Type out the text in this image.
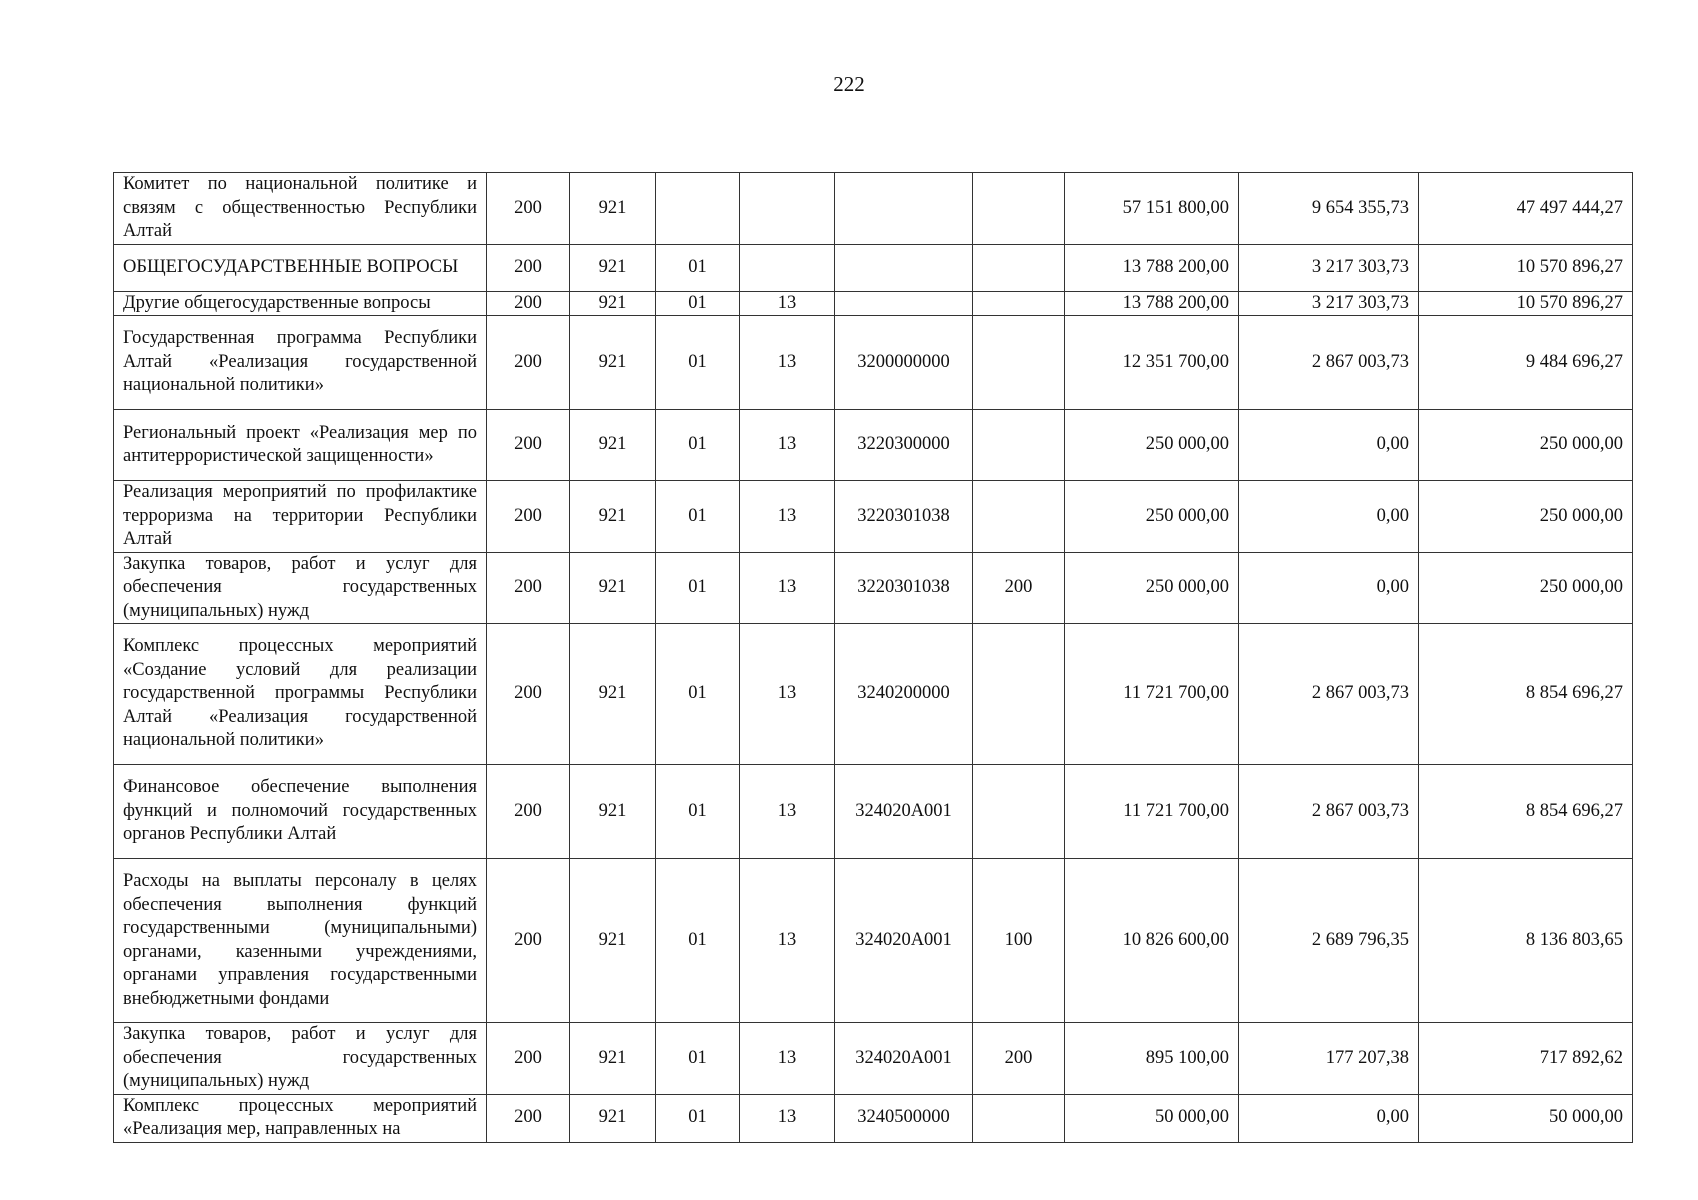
222
Комитет по национальной политике и связям с общественностью Республики Алтай	200	921					57 151 800,00	9 654 355,73	47 497 444,27
ОБЩЕГОСУДАРСТВЕННЫЕ ВОПРОСЫ	200	921	01				13 788 200,00	3 217 303,73	10 570 896,27
Другие общегосударственные вопросы	200	921	01	13			13 788 200,00	3 217 303,73	10 570 896,27
Государственная программа Республики Алтай «Реализация государственной национальной политики»	200	921	01	13	3200000000		12 351 700,00	2 867 003,73	9 484 696,27
Региональный проект «Реализация мер по антитеррористической защищенности»	200	921	01	13	3220300000		250 000,00	0,00	250 000,00
Реализация мероприятий по профилактике терроризма на территории Республики Алтай	200	921	01	13	3220301038		250 000,00	0,00	250 000,00
Закупка товаров, работ и услуг для обеспечения государственных (муниципальных) нужд	200	921	01	13	3220301038	200	250 000,00	0,00	250 000,00
Комплекс процессных мероприятий «Создание условий для реализации государственной программы Республики Алтай «Реализация государственной национальной политики»	200	921	01	13	3240200000		11 721 700,00	2 867 003,73	8 854 696,27
Финансовое обеспечение выполнения функций и полномочий государственных органов Республики Алтай	200	921	01	13	324020А001		11 721 700,00	2 867 003,73	8 854 696,27
Расходы на выплаты персоналу в целях обеспечения выполнения функций государственными (муниципальными) органами, казенными учреждениями, органами управления государственными внебюджетными фондами	200	921	01	13	324020А001	100	10 826 600,00	2 689 796,35	8 136 803,65
Закупка товаров, работ и услуг для обеспечения государственных (муниципальных) нужд	200	921	01	13	324020А001	200	895 100,00	177 207,38	717 892,62
Комплекс процессных мероприятий «Реализация мер, направленных на	200	921	01	13	3240500000		50 000,00	0,00	50 000,00
